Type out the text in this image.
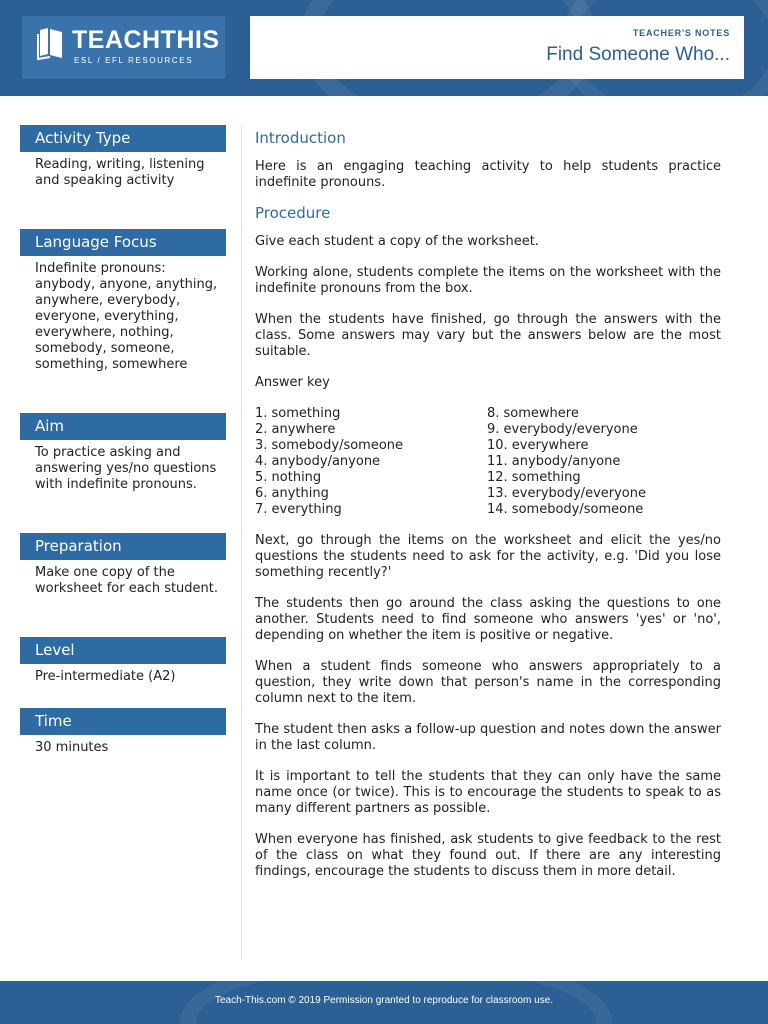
TEACHTHIS
ESL / EFL RESOURCES
TEACHER'S NOTES
Find Someone Who...
Activity Type
Reading, writing, listening and speaking activity
Language Focus
Indefinite pronouns: anybody, anyone, anything, anywhere, everybody, everyone, everything, everywhere, nothing, somebody, someone, something, somewhere
Aim
To practice asking and answering yes/no questions with indefinite pronouns.
Preparation
Make one copy of the worksheet for each student.
Level
Pre-intermediate (A2)
Time
30 minutes
Introduction

Here is an engaging teaching activity to help students practice indefinite pronouns.

Procedure

Give each student a copy of the worksheet.

Working alone, students complete the items on the worksheet with the indefinite pronouns from the box.

When the students have finished, go through the answers with the class. Some answers may vary but the answers below are the most suitable.

Answer key

1. something
2. anywhere
3. somebody/someone
4. anybody/anyone
5. nothing
6. anything
7. everything
8. somewhere
9. everybody/everyone
10. everywhere
11. anybody/anyone
12. something
13. everybody/everyone
14. somebody/someone

Next, go through the items on the worksheet and elicit the yes/no questions the students need to ask for the activity, e.g. 'Did you lose something recently?'

The students then go around the class asking the questions to one another. Students need to find someone who answers 'yes' or 'no', depending on whether the item is positive or negative.

When a student finds someone who answers appropriately to a question, they write down that person's name in the corresponding column next to the item.

The student then asks a follow-up question and notes down the answer in the last column.

It is important to tell the students that they can only have the same name once (or twice). This is to encourage the students to speak to as many different partners as possible.

When everyone has finished, ask students to give feedback to the rest of the class on what they found out. If there are any interesting findings, encourage the students to discuss them in more detail.

Teach-This.com © 2019 Permission granted to reproduce for classroom use.
